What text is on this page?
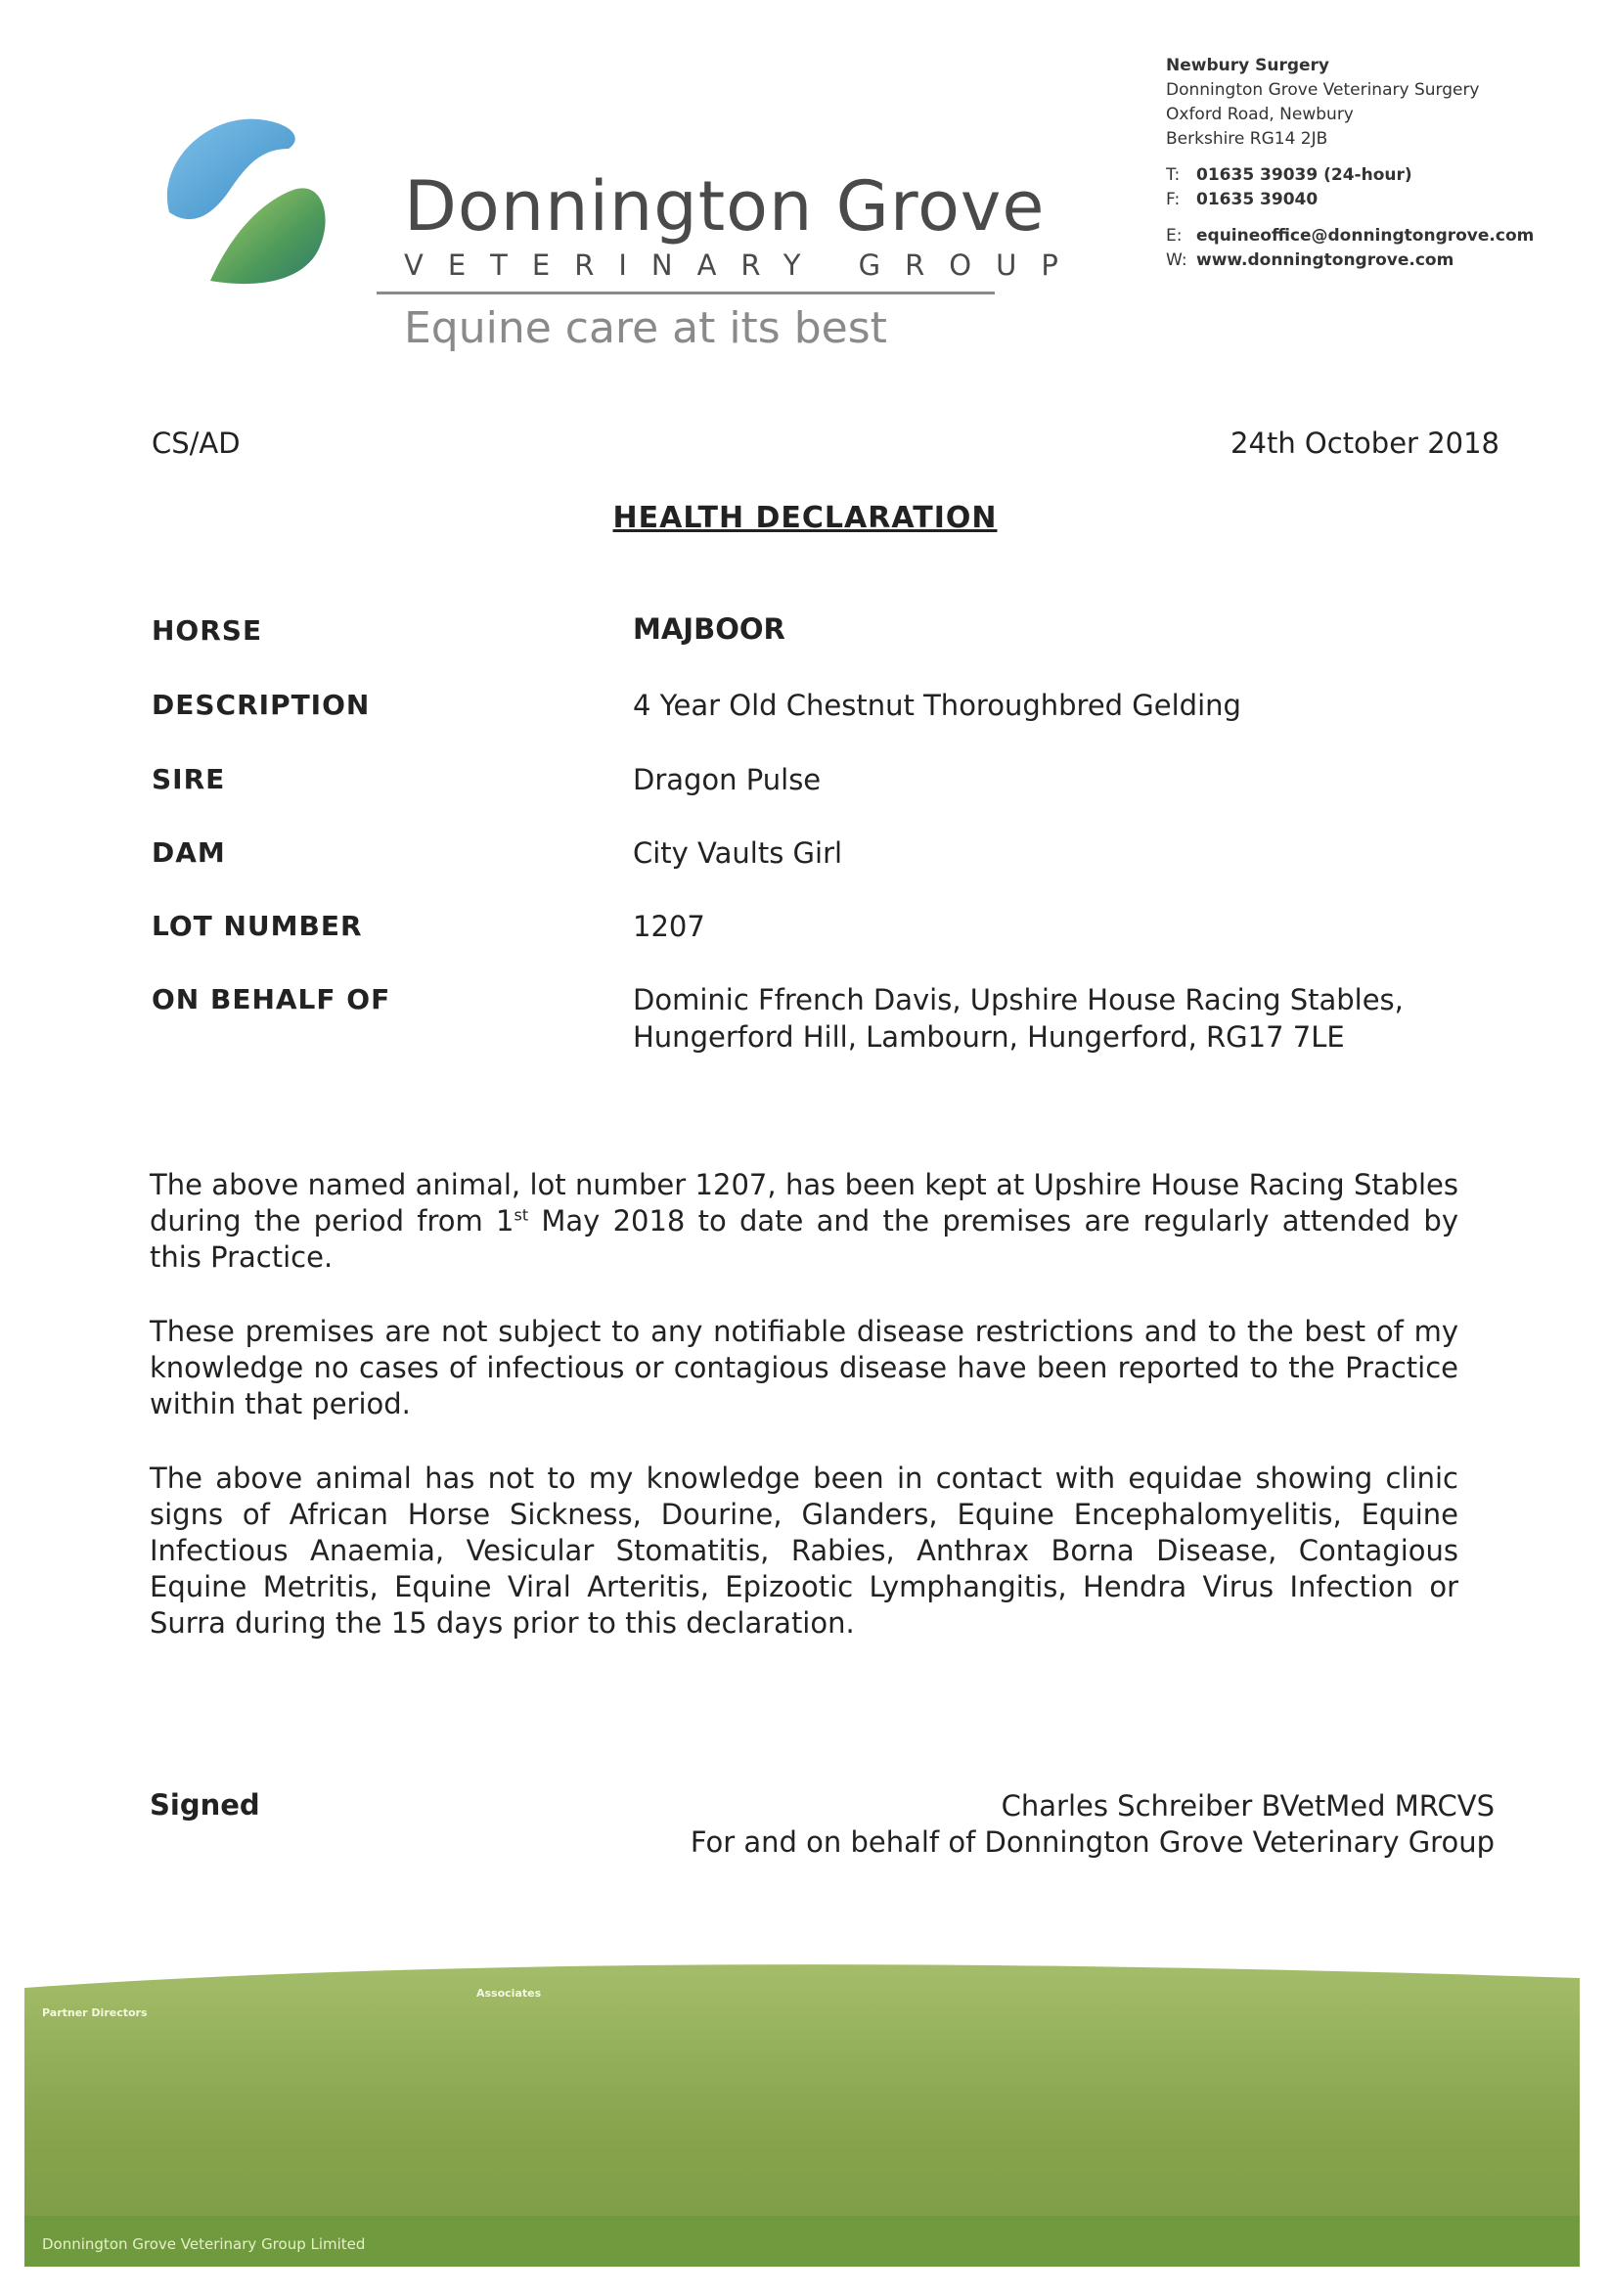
Donnington Grove
VETERINARY GROUP
Equine care at its best
Newbury Surgery
Donnington Grove Veterinary Surgery
Oxford Road, Newbury
Berkshire RG14 2JB
T: 01635 39039 (24-hour)
F: 01635 39040
E: equineoffice@donningtongrove.com
W: www.donningtongrove.com
CS/AD	24th October 2018
HEALTH DECLARATION
HORSE	MAJBOOR
DESCRIPTION	4 Year Old Chestnut Thoroughbred Gelding
SIRE	Dragon Pulse
DAM	City Vaults Girl
LOT NUMBER	1207
ON BEHALF OF	Dominic Ffrench Davis, Upshire House Racing Stables,
Hungerford Hill, Lambourn, Hungerford, RG17 7LE
The above named animal, lot number 1207, has been kept at Upshire House Racing Stables during the period from 1st May 2018 to date and the premises are regularly attended by this Practice.
These premises are not subject to any notifiable disease restrictions and to the best of my knowledge no cases of infectious or contagious disease have been reported to the Practice within that period.
The above animal has not to my knowledge been in contact with equidae showing clinic signs of African Horse Sickness, Dourine, Glanders, Equine Encephalomyelitis, Equine Infectious Anaemia, Vesicular Stomatitis, Rabies, Anthrax Borna Disease, Contagious Equine Metritis, Equine Viral Arteritis, Epizootic Lymphangitis, Hendra Virus Infection or Surra during the 15 days prior to this declaration.
Signed	Charles Schreiber BVetMed MRCVS
For and on behalf of Donnington Grove Veterinary Group
Partner Directors
Associates
Donnington Grove Veterinary Group Limited
